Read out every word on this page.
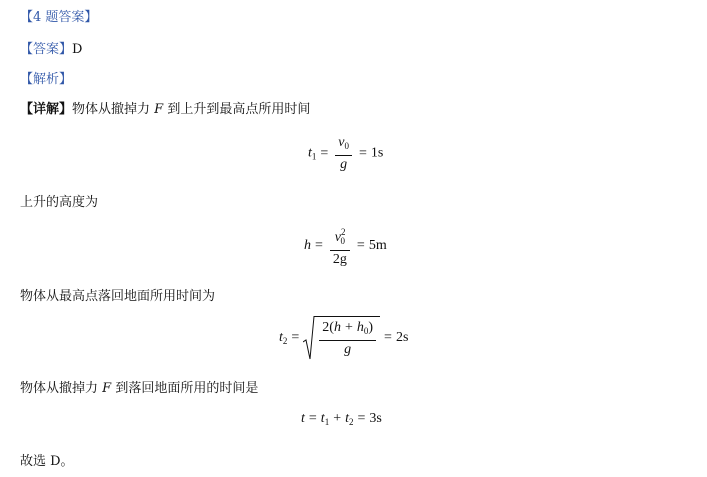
【4 题答案】
【答案】D
【解析】
【详解】物体从撤掉力 F 到上升到最高点所用时间
$t_1 = \frac{v_0}{g} = 1s$
上升的高度为
$h = \frac{v^2_0}{2g} = 5m$
物体从最高点落回地面所用时间为
$t_2 = \frac{2(h + h_0)}{g} = 2s$
物体从撤掉力 F 到落回地面所用的时间是
$t = t_1 + t_2 = 3s$
故选 D。
